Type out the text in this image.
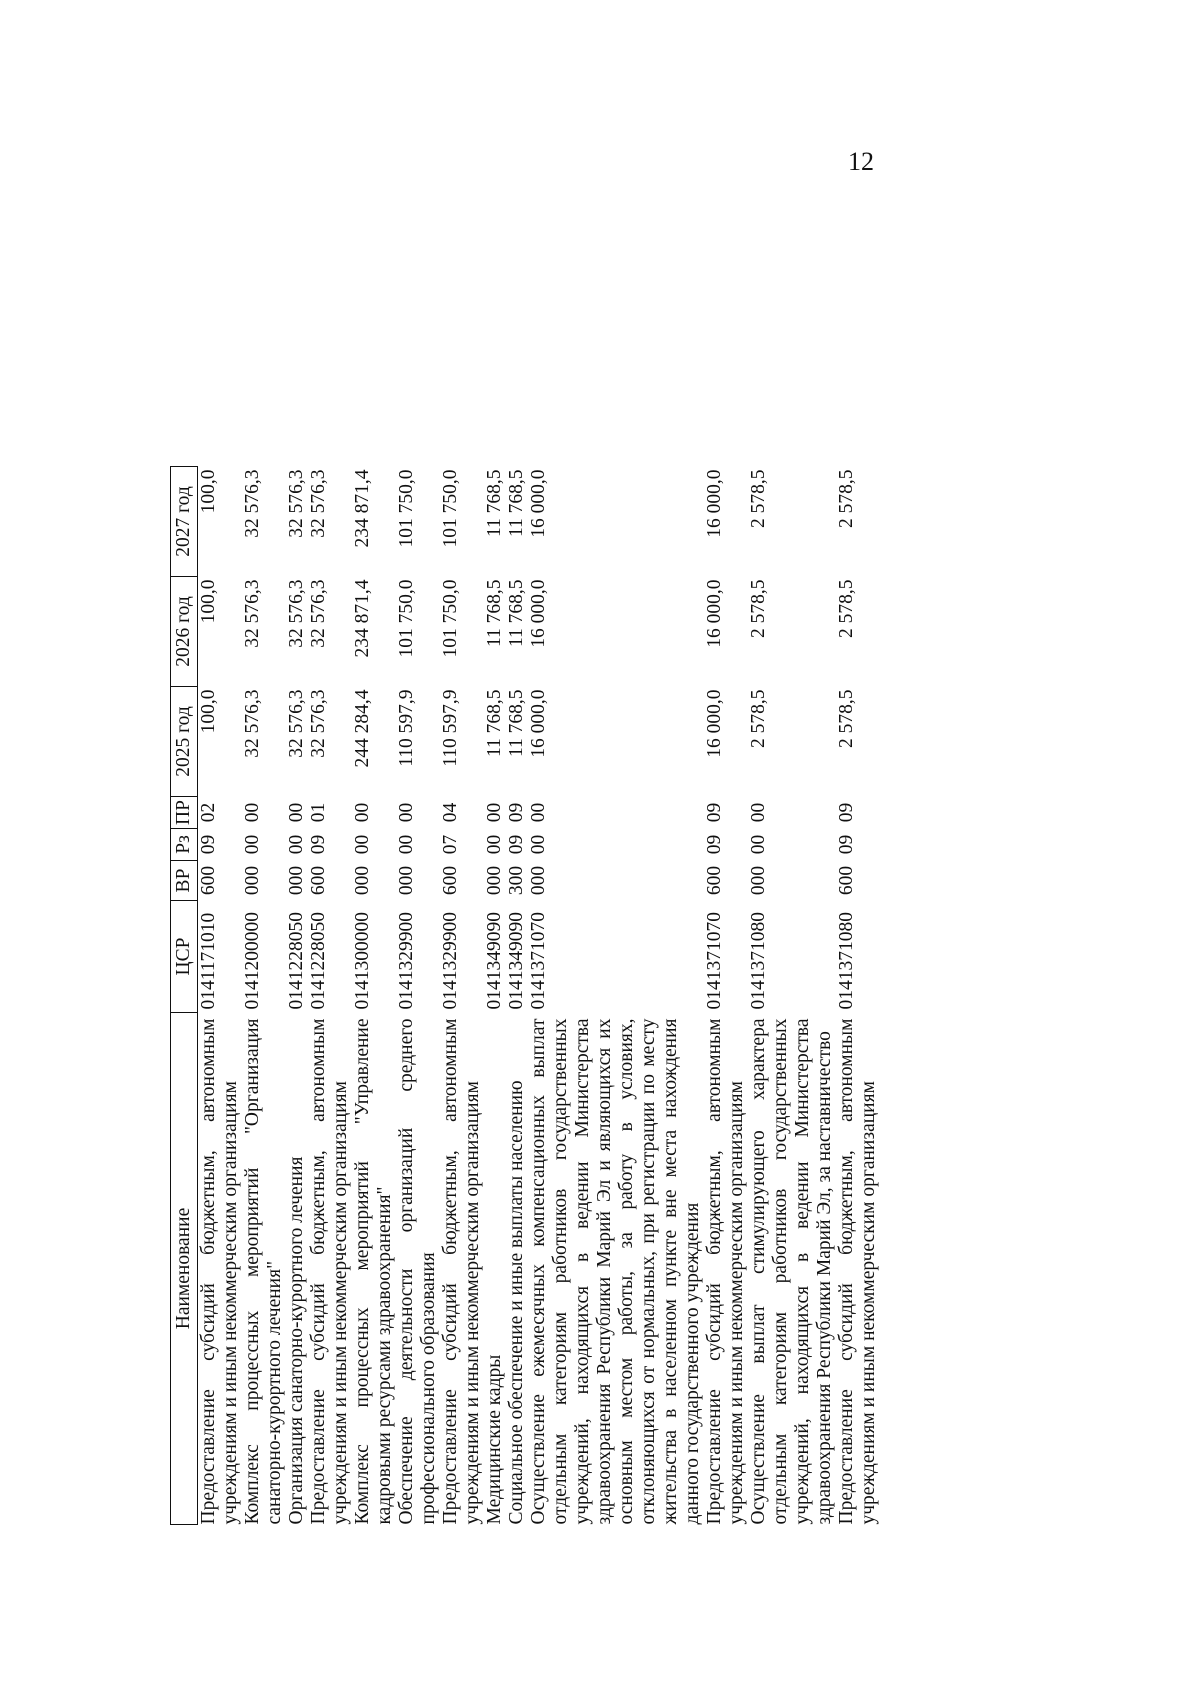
12
Наименование	ЦСР	ВР	Рз	ПР	2025 год	2026 год	2027 год	
Предоставление субсидий бюджетным, автономным учреждениям и иным некоммерческим организациям	0141171010	600	09	02	100,0	100,0	100,0	
Комплекс процессных мероприятий "Организация санаторно-курортного лечения"	0141200000	000	00	00	32 576,3	32 576,3	32 576,3	
Организация санаторно-курортного лечения	0141228050	000	00	00	32 576,3	32 576,3	32 576,3	
Предоставление субсидий бюджетным, автономным учреждениям и иным некоммерческим организациям	0141228050	600	09	01	32 576,3	32 576,3	32 576,3	
Комплекс процессных мероприятий "Управление кадровыми ресурсами здравоохранения"	0141300000	000	00	00	244 284,4	234 871,4	234 871,4	
Обеспечение деятельности организаций среднего профессионального образования	0141329900	000	00	00	110 597,9	101 750,0	101 750,0	
Предоставление субсидий бюджетным, автономным учреждениям и иным некоммерческим организациям	0141329900	600	07	04	110 597,9	101 750,0	101 750,0	
Медицинские кадры	0141349090	000	00	00	11 768,5	11 768,5	11 768,5	
Социальное обеспечение и иные выплаты населению	0141349090	300	09	09	11 768,5	11 768,5	11 768,5	
Осуществление ежемесячных компенсационных выплат отдельным категориям работников государственных учреждений, находящихся в ведении Министерства здравоохранения Республики Марий Эл и являющихся их основным местом работы, за работу в условиях, отклоняющихся от нормальных, при регистрации по месту жительства в населенном пункте вне места нахождения данного государственного учреждения	0141371070	000	00	00	16 000,0	16 000,0	16 000,0	
Предоставление субсидий бюджетным, автономным учреждениям и иным некоммерческим организациям	0141371070	600	09	09	16 000,0	16 000,0	16 000,0	
Осуществление выплат стимулирующего характера отдельным категориям работников государственных учреждений, находящихся в ведении Министерства здравоохранения Республики Марий Эл, за наставничество	0141371080	000	00	00	2 578,5	2 578,5	2 578,5	
Предоставление субсидий бюджетным, автономным учреждениям и иным некоммерческим организациям	0141371080	600	09	09	2 578,5	2 578,5	2 578,5	
